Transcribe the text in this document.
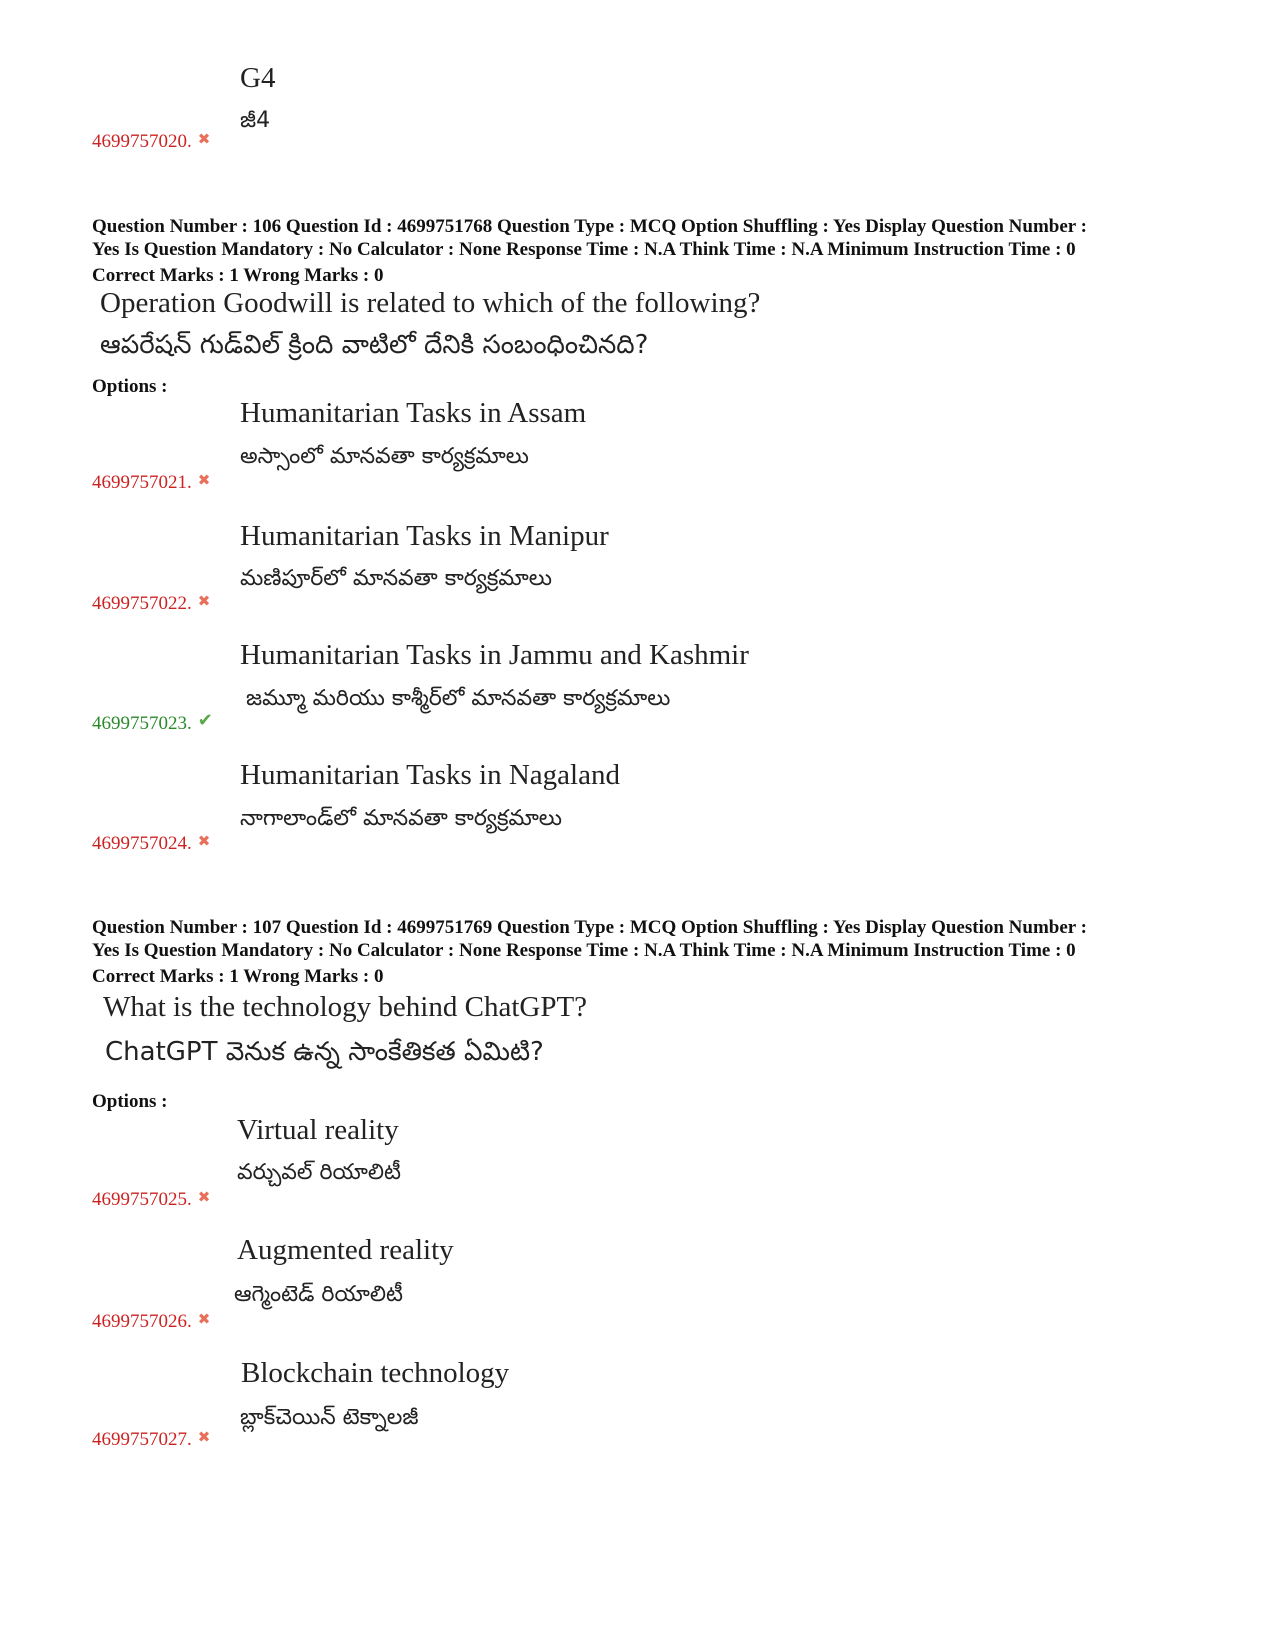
G4
జీ4
4699757020. ✖
Question Number : 106 Question Id : 4699751768 Question Type : MCQ Option Shuffling : Yes Display Question Number :
Yes Is Question Mandatory : No Calculator : None Response Time : N.A Think Time : N.A Minimum Instruction Time : 0
Correct Marks : 1 Wrong Marks : 0
Operation Goodwill is related to which of the following?
ఆపరేషన్ గుడ్‌విల్ క్రింది వాటిలో దేనికి సంబంధించినది?
Options :
Humanitarian Tasks in Assam
అస్సాంలో మానవతా కార్యక్రమాలు
4699757021. ✖
Humanitarian Tasks in Manipur
మణిపూర్‌లో మానవతా కార్యక్రమాలు
4699757022. ✖
Humanitarian Tasks in Jammu and Kashmir
జమ్మూ మరియు కాశ్మీర్‌లో మానవతా కార్యక్రమాలు
4699757023. ✔
Humanitarian Tasks in Nagaland
నాగాలాండ్‌లో మానవతా కార్యక్రమాలు
4699757024. ✖
Question Number : 107 Question Id : 4699751769 Question Type : MCQ Option Shuffling : Yes Display Question Number :
Yes Is Question Mandatory : No Calculator : None Response Time : N.A Think Time : N.A Minimum Instruction Time : 0
Correct Marks : 1 Wrong Marks : 0
What is the technology behind ChatGPT?
ChatGPT వెనుక ఉన్న సాంకేతికత ఏమిటి?
Options :
Virtual reality
వర్చువల్ రియాలిటీ
4699757025. ✖
Augmented reality
ఆగ్మెంటెడ్ రియాలిటీ
4699757026. ✖
Blockchain technology
బ్లాక్‌చెయిన్ టెక్నాలజీ
4699757027. ✖
